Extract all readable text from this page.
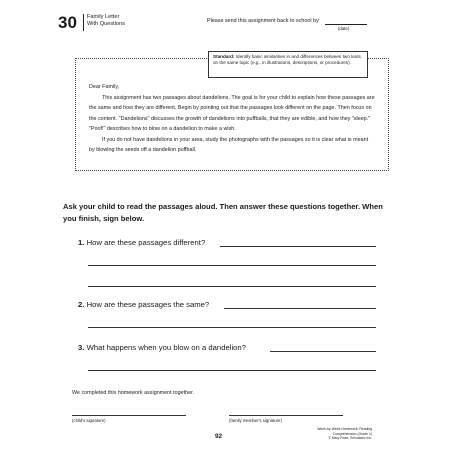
30 Family Letter
With Questions	Please send this assignment back to school by
(date)
Standard: Identify basic similarities in and differences between two texts on the same topic (e.g., in illustrations, descriptions, or procedures).

Dear Family,

This assignment has two passages about dandelions. The goal is for your child to explain how these passages are the same and how they are different. Begin by pointing out that the passages look different on the page. Then focus on the content. "Dandelions" discusses the growth of dandelions into puffballs, that they are edible, and how they "sleep." "Poof!" describes how to blow on a dandelion to make a wish.

If you do not have dandelions in your area, study the photographs with the passages so it is clear what is meant by blowing the seeds off a dandelion puffball.

Ask your child to read the passages aloud. Then answer these questions together. When you finish, sign below.
1. How are these passages different?
2. How are these passages the same?
3. What happens when you blow on a dandelion?
We completed this homework assignment together.
(child's signature)	(family member's signature)
92
Week-by-Week Homework: Reading Comprehension (Grade 1)
© Mary Rose, Scholastic Inc.
